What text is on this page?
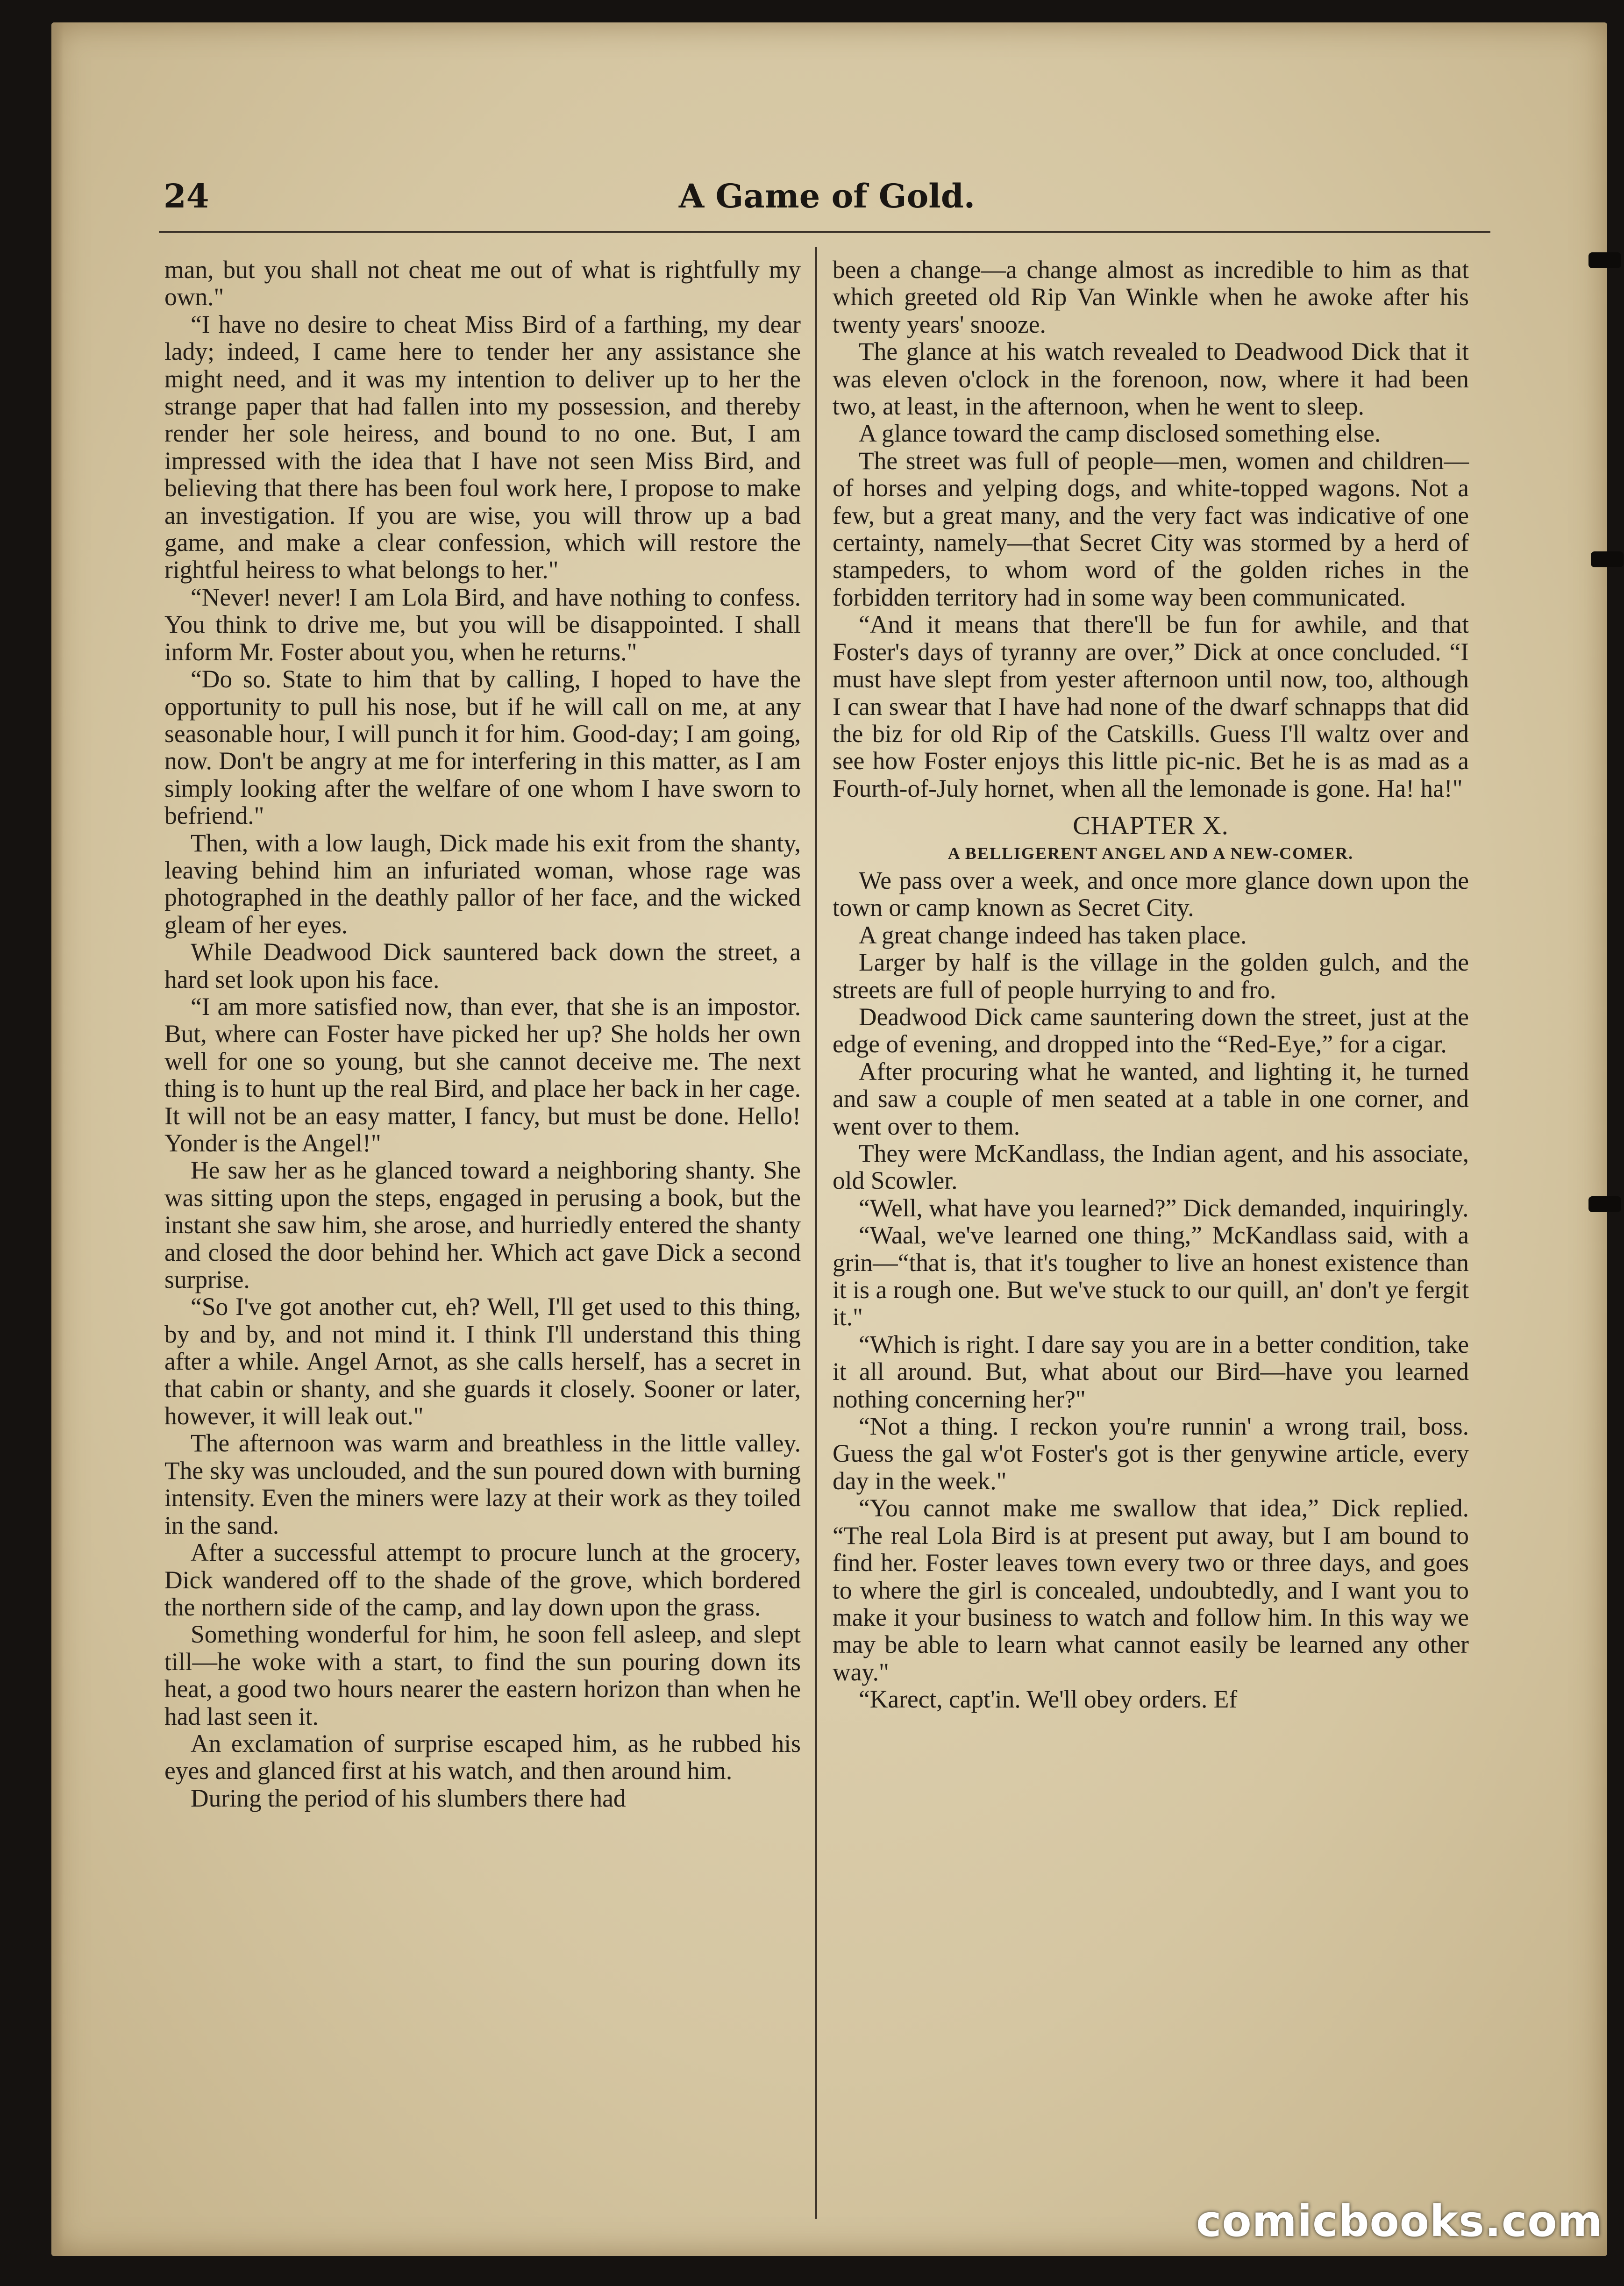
24	A Game of Gold.

man, but you shall not cheat me out of what is rightfully my own."

“I have no desire to cheat Miss Bird of a farthing, my dear lady; indeed, I came here to tender her any assistance she might need, and it was my intention to deliver up to her the strange paper that had fallen into my possession, and thereby render her sole heiress, and bound to no one. But, I am impressed with the idea that I have not seen Miss Bird, and believing that there has been foul work here, I propose to make an investigation. If you are wise, you will throw up a bad game, and make a clear confession, which will restore the rightful heiress to what belongs to her."

“Never! never! I am Lola Bird, and have nothing to confess. You think to drive me, but you will be disappointed. I shall inform Mr. Foster about you, when he returns."

“Do so. State to him that by calling, I hoped to have the opportunity to pull his nose, but if he will call on me, at any seasonable hour, I will punch it for him. Good-day; I am going, now. Don't be angry at me for interfering in this matter, as I am simply looking after the welfare of one whom I have sworn to befriend."

Then, with a low laugh, Dick made his exit from the shanty, leaving behind him an infuriated woman, whose rage was photographed in the deathly pallor of her face, and the wicked gleam of her eyes.

While Deadwood Dick sauntered back down the street, a hard set look upon his face.

“I am more satisfied now, than ever, that she is an impostor. But, where can Foster have picked her up? She holds her own well for one so young, but she cannot deceive me. The next thing is to hunt up the real Bird, and place her back in her cage. It will not be an easy matter, I fancy, but must be done. Hello! Yonder is the Angel!"

He saw her as he glanced toward a neighboring shanty. She was sitting upon the steps, engaged in perusing a book, but the instant she saw him, she arose, and hurriedly entered the shanty and closed the door behind her. Which act gave Dick a second surprise.

“So I've got another cut, eh? Well, I'll get used to this thing, by and by, and not mind it. I think I'll understand this thing after a while. Angel Arnot, as she calls herself, has a secret in that cabin or shanty, and she guards it closely. Sooner or later, however, it will leak out."

The afternoon was warm and breathless in the little valley. The sky was unclouded, and the sun poured down with burning intensity. Even the miners were lazy at their work as they toiled in the sand.

After a successful attempt to procure lunch at the grocery, Dick wandered off to the shade of the grove, which bordered the northern side of the camp, and lay down upon the grass.

Something wonderful for him, he soon fell asleep, and slept till—he woke with a start, to find the sun pouring down its heat, a good two hours nearer the eastern horizon than when he had last seen it.

An exclamation of surprise escaped him, as he rubbed his eyes and glanced first at his watch, and then around him.

During the period of his slumbers there had

been a change—a change almost as incredible to him as that which greeted old Rip Van Winkle when he awoke after his twenty years' snooze.

The glance at his watch revealed to Deadwood Dick that it was eleven o'clock in the forenoon, now, where it had been two, at least, in the afternoon, when he went to sleep.

A glance toward the camp disclosed something else.

The street was full of people—men, women and children—of horses and yelping dogs, and white-topped wagons. Not a few, but a great many, and the very fact was indicative of one certainty, namely—that Secret City was stormed by a herd of stampeders, to whom word of the golden riches in the forbidden territory had in some way been communicated.

“And it means that there'll be fun for awhile, and that Foster's days of tyranny are over,” Dick at once concluded. “I must have slept from yester afternoon until now, too, although I can swear that I have had none of the dwarf schnapps that did the biz for old Rip of the Catskills. Guess I'll waltz over and see how Foster enjoys this little pic-nic. Bet he is as mad as a Fourth-of-July hornet, when all the lemonade is gone. Ha! ha!"

CHAPTER X.
A BELLIGERENT ANGEL AND A NEW-COMER.

We pass over a week, and once more glance down upon the town or camp known as Secret City.

A great change indeed has taken place.

Larger by half is the village in the golden gulch, and the streets are full of people hurrying to and fro.

Deadwood Dick came sauntering down the street, just at the edge of evening, and dropped into the “Red-Eye,” for a cigar.

After procuring what he wanted, and lighting it, he turned and saw a couple of men seated at a table in one corner, and went over to them.

They were McKandlass, the Indian agent, and his associate, old Scowler.

“Well, what have you learned?” Dick demanded, inquiringly.

“Waal, we've learned one thing,” McKandlass said, with a grin—“that is, that it's tougher to live an honest existence than it is a rough one. But we've stuck to our quill, an' don't ye fergit it."

“Which is right. I dare say you are in a better condition, take it all around. But, what about our Bird—have you learned nothing concerning her?"

“Not a thing. I reckon you're runnin' a wrong trail, boss. Guess the gal w'ot Foster's got is ther genywine article, every day in the week."

“You cannot make me swallow that idea,” Dick replied. “The real Lola Bird is at present put away, but I am bound to find her. Foster leaves town every two or three days, and goes to where the girl is concealed, undoubtedly, and I want you to make it your business to watch and follow him. In this way we may be able to learn what cannot easily be learned any other way."

“Karect, capt'in. We'll obey orders. Ef

comicbooks.com
